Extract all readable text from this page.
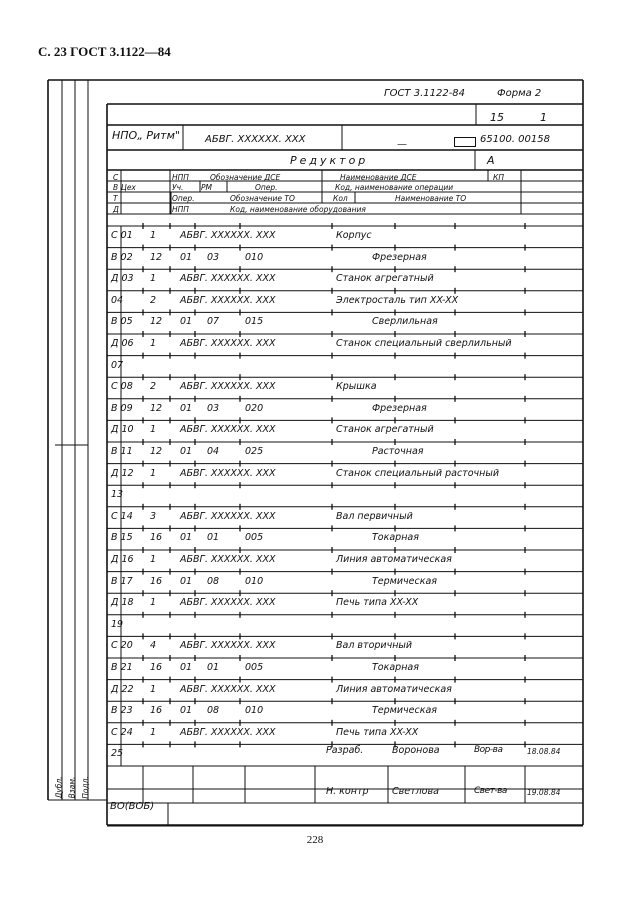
С. 23 ГОСТ 3.1122—84
228
ГОСТ 3.1122-84	Форма 2
15	1
НПО„ Ритм"	АБВГ. XXXXXX. XXX	65100. 00158
Редуктор	А
—
С	НПП	Обозначение ДСЕ	Наименование ДСЕ	КП
В Цех	Уч. РМ	Опер.	Код, наименование операции
Т	Опер.	Обозначение ТО	Кол	Наименование ТО
Д	НПП	Код, наименование оборудования
С 01 1	АБВГ. XXXXXX. XXX	Корпус
В 02 12 01 03	010	Фрезерная
Д 03 1	АБВГ. XXXXXX. XXX	Станок агрегатный
04	2	АБВГ. XXXXXX. XXX	Электросталь тип XX-XX
В 05 12 01 07	015	Сверлильная
Д 06 1	АБВГ. XXXXXX. XXX	Станок специальный сверлильный
07
С 08 2	АБВГ. XXXXXX. XXX	Крышка
В 09 12 01 03	020	Фрезерная
Д 10 1	АБВГ. XXXXXX. XXX	Станок агрегатный
В 11 12 01 04	025	Расточная
Д 12 1	АБВГ. XXXXXX. XXX	Станок специальный расточный
13
С 14 3	АБВГ. XXXXXX. XXX	Вал первичный
В 15 16 01 01	005	Токарная
Д 16 1	АБВГ. XXXXXX. XXX	Линия автоматическая
В 17 16 01 08	010	Термическая
Д 18 1	АБВГ. XXXXXX. XXX	Печь типа XX-XX
19
С 20 4	АБВГ. XXXXXX. XXX	Вал вторичный
В 21 16 01 01	005	Токарная
Д 22 1	АБВГ. XXXXXX. XXX	Линия автоматическая
В 23 16 01 08	010	Термическая
С 24 1	АБВГ. XXXXXX. XXX	Печь типа XX-XX
25	Разраб.	Воронова	Вор-ва	18.08.84
Н. контр Светлова	Свет-ва	19.08.84
Дубл. Взам. Подл.
ВО(ВОБ)
